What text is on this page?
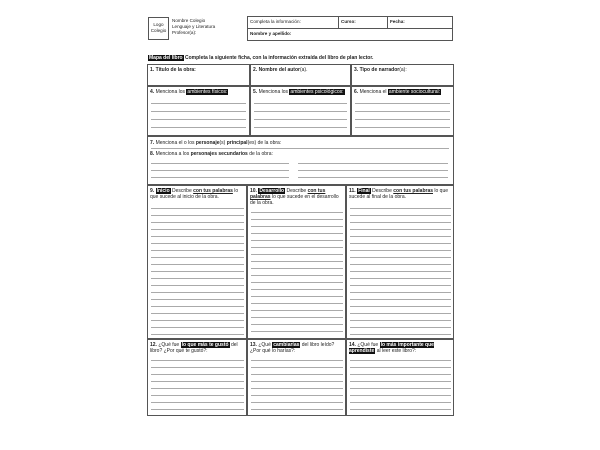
Logo
Colegio
Nombre Colegio
Lenguaje y Literatura
Profesor(a):
Completa la información:	Curso:	Fecha:
Nombre y apellido:
Mapa del libro Completa la siguiente ficha, con la información extraída del libro de plan lector.
1. Título de la obra:	2. Nombre del autor(a).	3. Tipo de narrador(a):
4. Menciona los ambientes físicos:	5. Menciona los ambientes psicológicos: 6. Menciona el ambiente sociocultural:
7. Menciona el o los personaje(s) principal(es) de la obra:
8. Menciona a los personajes secundarios de la obra:
9. Inicio Describe con tus palabras lo que sucede al inicio de la obra.
10. Desarrollo Describe con tus palabras lo que sucede en el desarrollo de la obra.
11. Final Describe con tus palabras lo que sucede al final de la obra.
12. ¿Qué fue lo que más te gustó del libro? ¿Por qué te gustó?:
13. ¿Qué cambiarías del libro leído? ¿Por qué lo harías?:
14. ¿Qué fue lo más importante que aprendiste al leer este libro?:
